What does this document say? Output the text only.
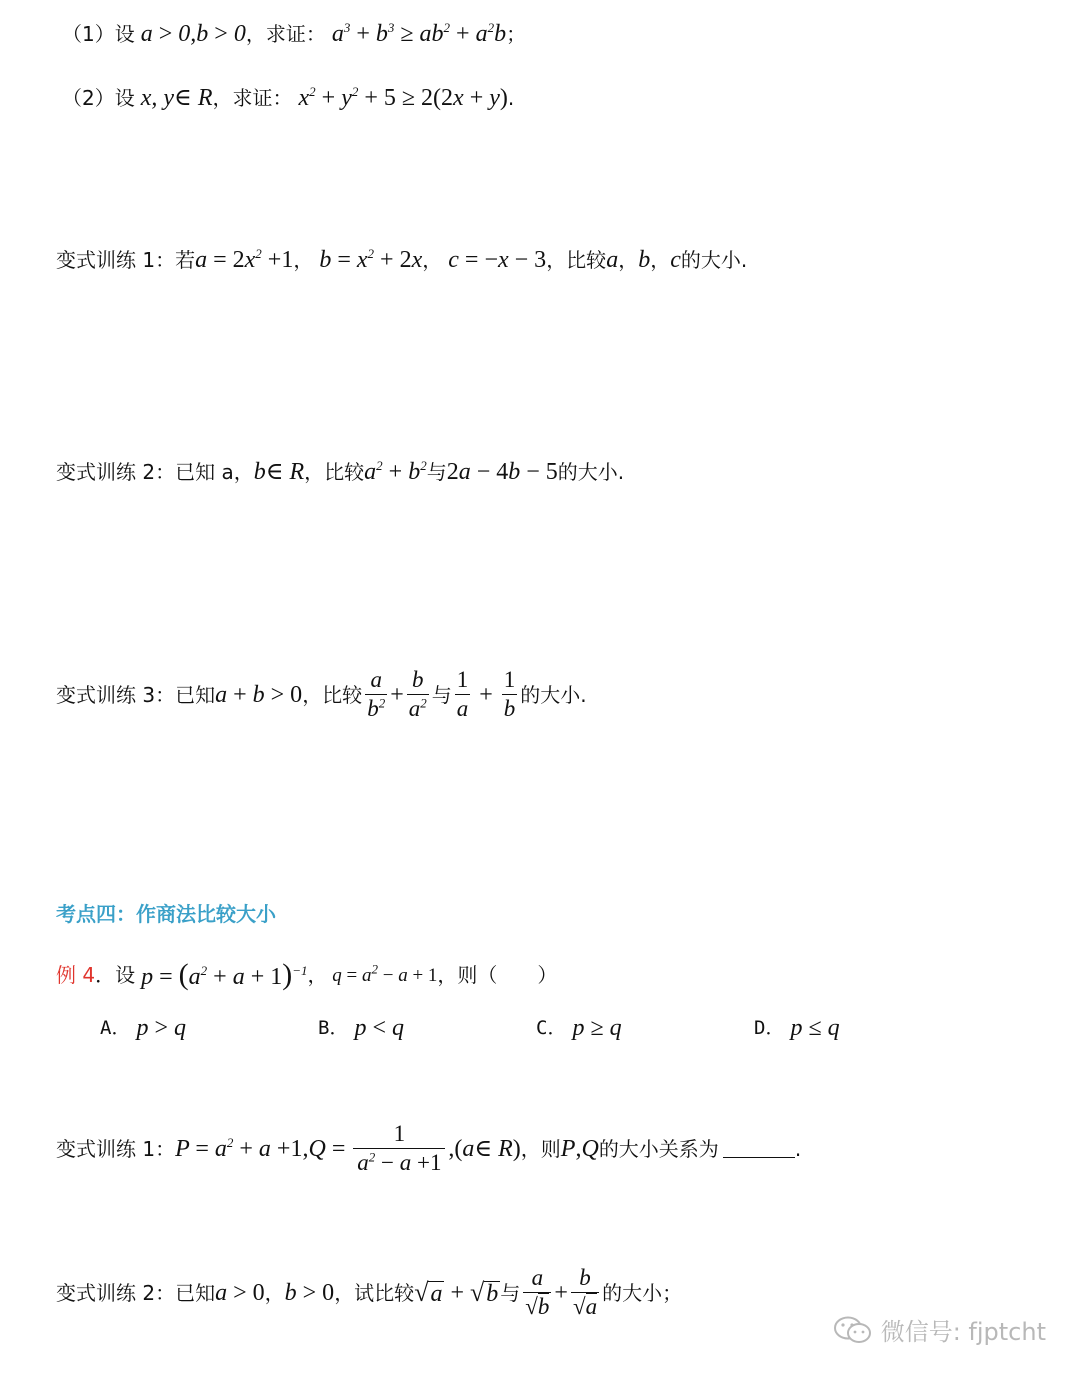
（1）设 a > 0,b > 0 ，求证： $a^3 + b^3 \ge ab^2 + a^2b$ ；
（2）设 x, y∈ R ，求证： $x^2 + y^2 + 5 \ge 2(2x + y)$ .
变式训练 1：若 $a = 2x^2 +1$ ， $b = x^2 + 2x$ ， c = −x − 3 ，比较 a ， b ， c 的大小.
变式训练 2：已知 a， b∈ R ，比较 $a^2 + b^2$ 与 2a − 4b − 5 的大小.
变式训练 3：已知 a + b > 0 ，比较 $\frac{a}{b^2} + \frac{b}{a^2}$ 与 $\frac{1}{a} + \frac{1}{b}$ 的大小.
考点四：作商法比较大小
例 4 ．设 $p = (a^2 + a + 1)^{-1}$ ， $q = a^2 - a + 1$ ，则（　　）
A． p > q	B． p < q	C． p ≥ q	D． p ≤ q
变式训练 1： $P = a^2 + a +1,Q = \frac{1}{a^2 - a +1}$ ,(a∈ R) ，则 P,Q 的大小关系为	.
变式训练 2：已知 a > 0 ， b > 0 ，试比较 √ a + √ b 与 $\frac{a}{√b} + \frac{b}{√a}$ 的大小；
微信号: fjptcht
